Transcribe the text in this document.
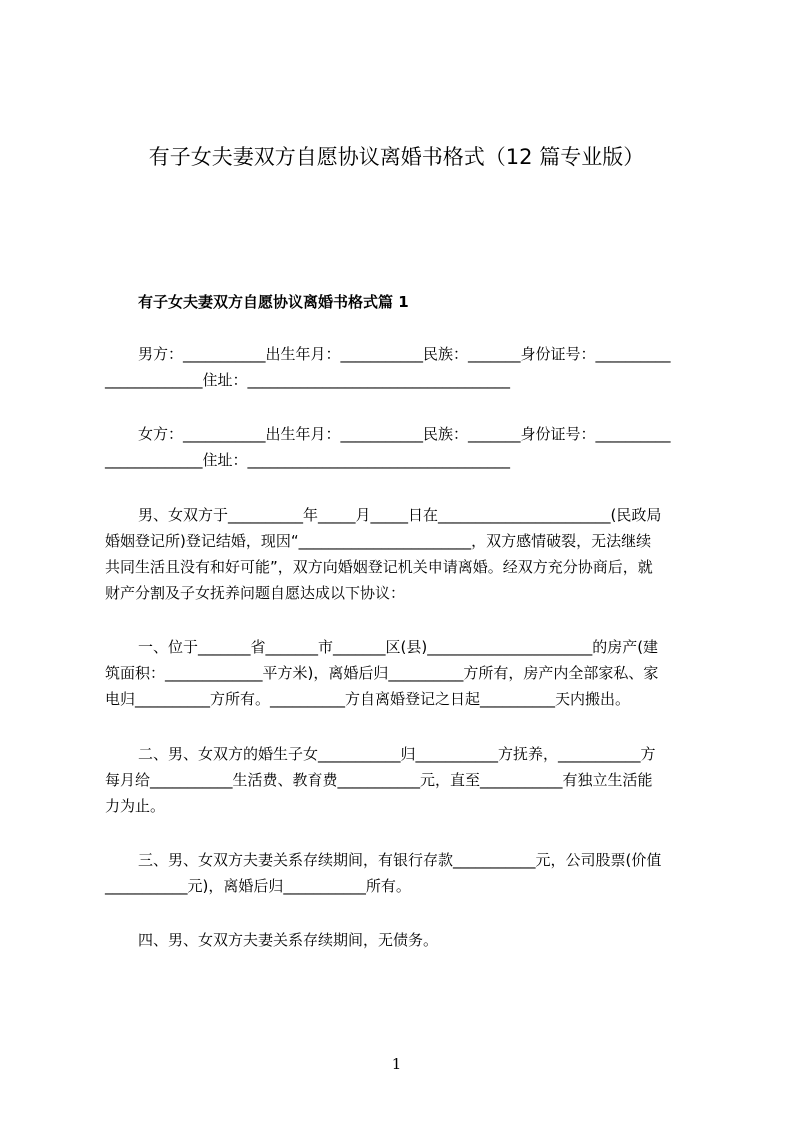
有子女夫妻双方自愿协议离婚书格式（12 篇专业版）
有子女夫妻双方自愿协议离婚书格式篇 1
男方：___________出生年月：___________民族：_______身份证号：__________
_____________住址：___________________________________
女方：___________出生年月：___________民族：_______身份证号：__________
_____________住址：___________________________________
男、女双方于__________年_____月_____日在_______________________(民政局
婚姻登记所)登记结婚，现因“_______________________，双方感情破裂，无法继续
共同生活且没有和好可能”，双方向婚姻登记机关申请离婚。经双方充分协商后，就
财产分割及子女抚养问题自愿达成以下协议：
一、位于_______省_______市_______区(县)______________________的房产(建
筑面积：_____________平方米)，离婚后归__________方所有，房产内全部家私、家
电归__________方所有。__________方自离婚登记之日起__________天内搬出。
二、男、女双方的婚生子女___________归___________方抚养，___________方
每月给___________生活费、教育费___________元，直至___________有独立生活能
力为止。
三、男、女双方夫妻关系存续期间，有银行存款___________元，公司股票(价值
___________元)，离婚后归___________所有。
四、男、女双方夫妻关系存续期间，无债务。
1
